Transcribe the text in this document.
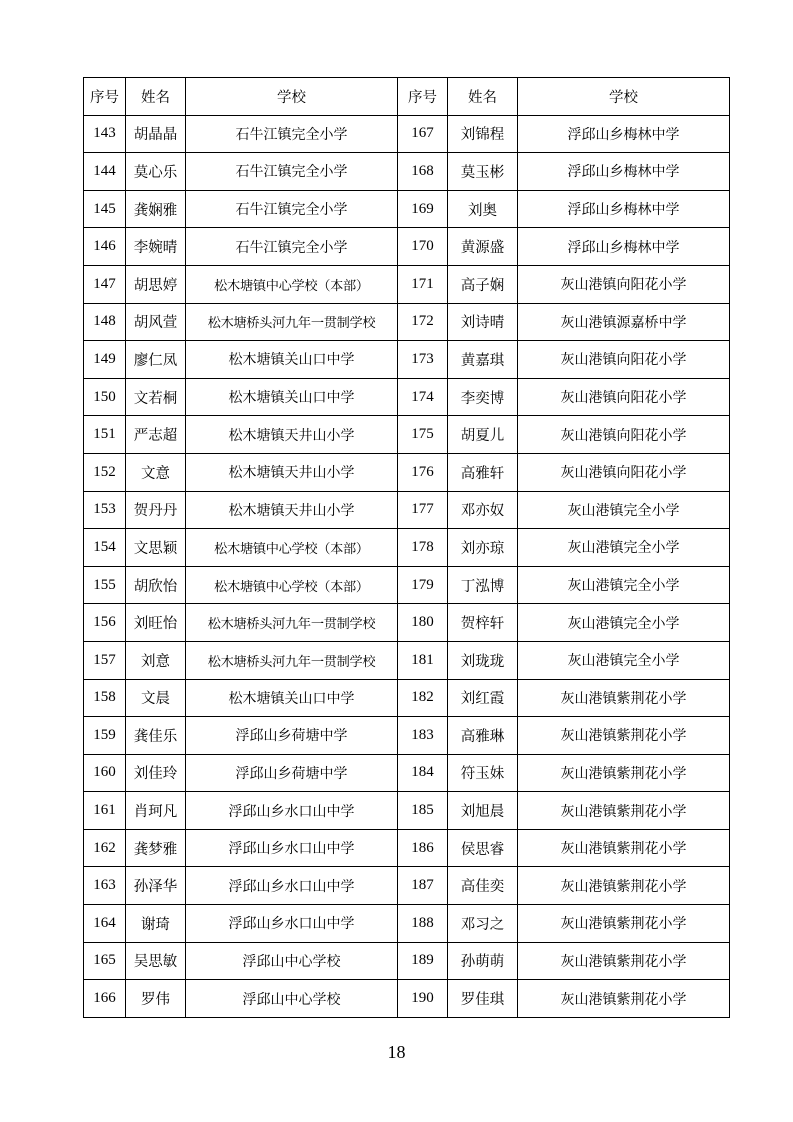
序号	姓名	学校	序号	姓名	学校
143	胡晶晶	石牛江镇完全小学	167	刘锦程	浮邱山乡梅林中学
144	莫心乐	石牛江镇完全小学	168	莫玉彬	浮邱山乡梅林中学
145	龚娴雅	石牛江镇完全小学	169	刘奥	浮邱山乡梅林中学
146	李婉晴	石牛江镇完全小学	170	黄源盛	浮邱山乡梅林中学
147	胡思婷	松木塘镇中心学校（本部）	171	高子娴	灰山港镇向阳花小学
148	胡风萱	松木塘桥头河九年一贯制学校	172	刘诗晴	灰山港镇源嘉桥中学
149	廖仁凤	松木塘镇关山口中学	173	黄嘉琪	灰山港镇向阳花小学
150	文若桐	松木塘镇关山口中学	174	李奕博	灰山港镇向阳花小学
151	严志超	松木塘镇天井山小学	175	胡夏儿	灰山港镇向阳花小学
152	文意	松木塘镇天井山小学	176	高雅轩	灰山港镇向阳花小学
153	贺丹丹	松木塘镇天井山小学	177	邓亦奴	灰山港镇完全小学
154	文思颖	松木塘镇中心学校（本部）	178	刘亦琼	灰山港镇完全小学
155	胡欣怡	松木塘镇中心学校（本部）	179	丁泓博	灰山港镇完全小学
156	刘旺怡	松木塘桥头河九年一贯制学校	180	贺梓轩	灰山港镇完全小学
157	刘意	松木塘桥头河九年一贯制学校	181	刘珑珑	灰山港镇完全小学
158	文晨	松木塘镇关山口中学	182	刘红霞	灰山港镇紫荆花小学
159	龚佳乐	浮邱山乡荷塘中学	183	高雅琳	灰山港镇紫荆花小学
160	刘佳玲	浮邱山乡荷塘中学	184	符玉妹	灰山港镇紫荆花小学
161	肖珂凡	浮邱山乡水口山中学	185	刘旭晨	灰山港镇紫荆花小学
162	龚梦雅	浮邱山乡水口山中学	186	侯思睿	灰山港镇紫荆花小学
163	孙泽华	浮邱山乡水口山中学	187	高佳奕	灰山港镇紫荆花小学
164	谢琦	浮邱山乡水口山中学	188	邓习之	灰山港镇紫荆花小学
165	吴思敏	浮邱山中心学校	189	孙萌萌	灰山港镇紫荆花小学
166	罗伟	浮邱山中心学校	190	罗佳琪	灰山港镇紫荆花小学
18
